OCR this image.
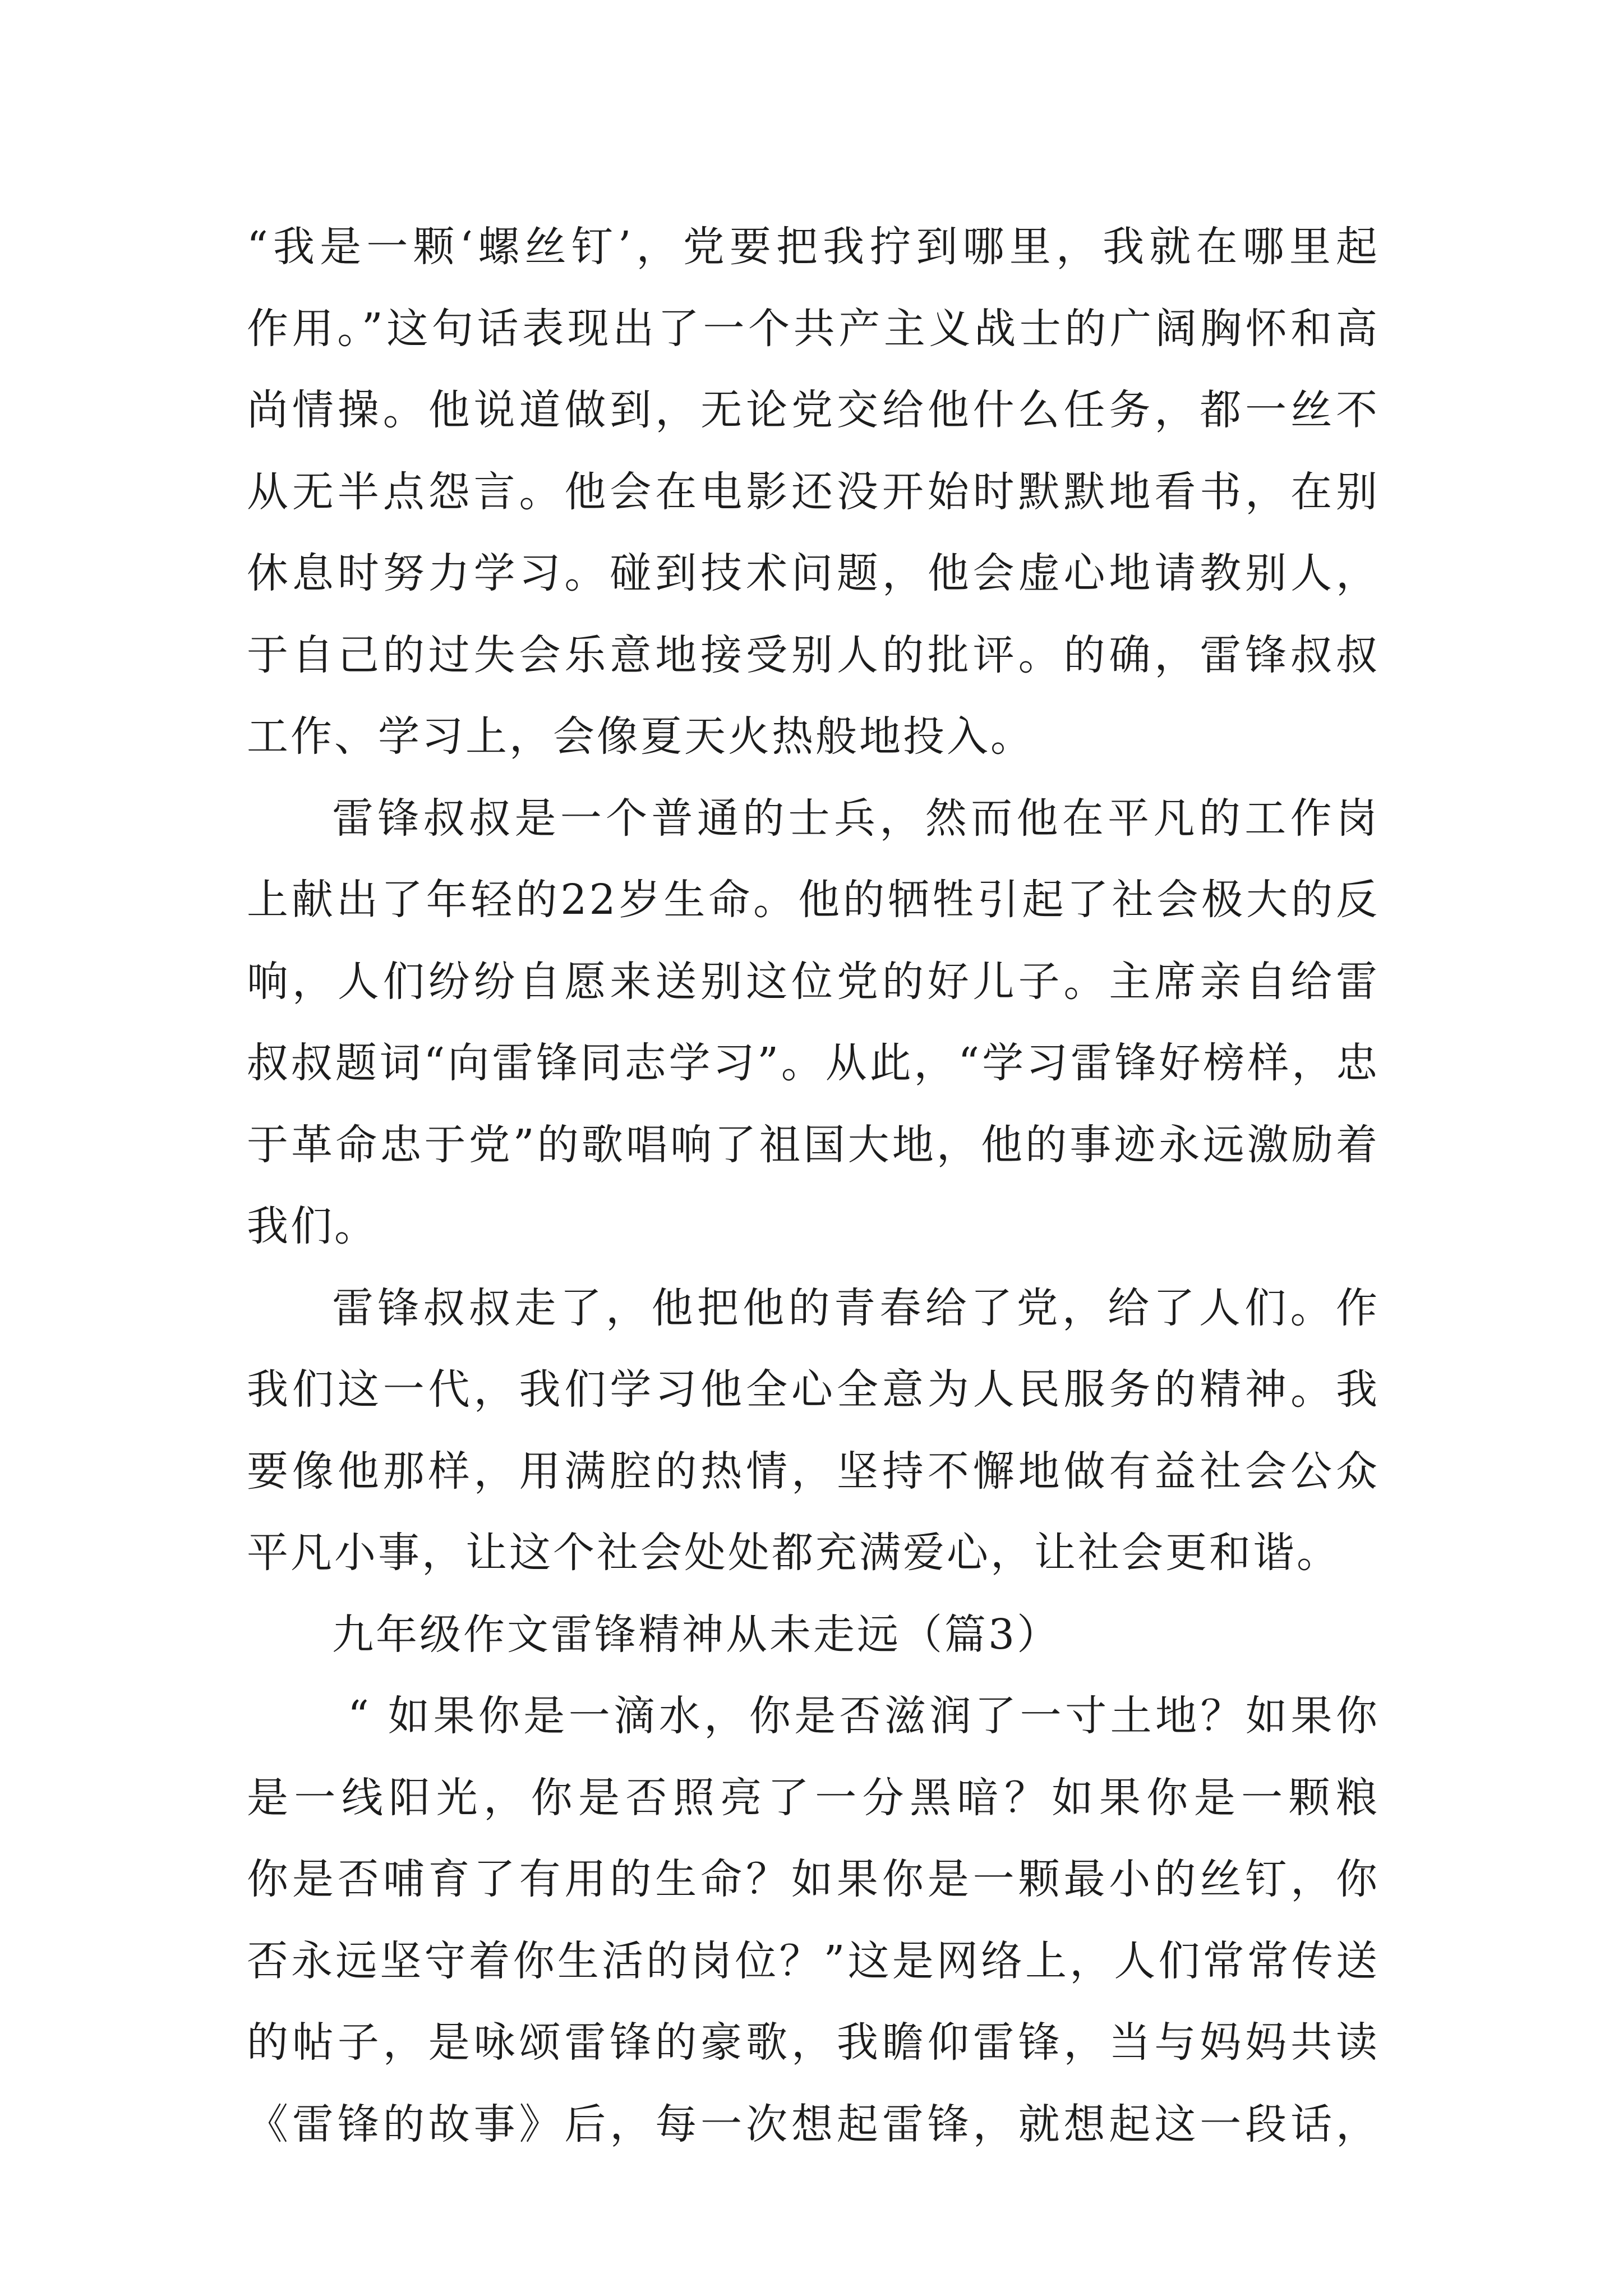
“我是一颗‘螺丝钉’，党要把我拧到哪里，我就在哪里起
作用。”这句话表现出了一个共产主义战士的广阔胸怀和高
尚情操。他说道做到，无论党交给他什么任务，都一丝不
从无半点怨言。他会在电影还没开始时默默地看书，在别
休息时努力学习。碰到技术问题，他会虚心地请教别人，
于自己的过失会乐意地接受别人的批评。的确，雷锋叔叔
工作、学习上，会像夏天火热般地投入。
雷锋叔叔是一个普通的士兵，然而他在平凡的工作岗
上献出了年轻的22岁生命。他的牺牲引起了社会极大的反
响，人们纷纷自愿来送别这位党的好儿子。主席亲自给雷
叔叔题词“向雷锋同志学习”。从此，“学习雷锋好榜样，忠
于革命忠于党”的歌唱响了祖国大地，他的事迹永远激励着
我们。
雷锋叔叔走了，他把他的青春给了党，给了人们。作
我们这一代，我们学习他全心全意为人民服务的精神。我
要像他那样，用满腔的热情，坚持不懈地做有益社会公众
平凡小事，让这个社会处处都充满爱心，让社会更和谐。
九年级作文雷锋精神从未走远（篇3）
“ 如果你是一滴水，你是否滋润了一寸土地？如果你
是一线阳光，你是否照亮了一分黑暗？如果你是一颗粮
你是否哺育了有用的生命？如果你是一颗最小的丝钉，你
否永远坚守着你生活的岗位？”这是网络上，人们常常传送
的帖子，是咏颂雷锋的豪歌，我瞻仰雷锋，当与妈妈共读
《雷锋的故事》后，每一次想起雷锋，就想起这一段话，
